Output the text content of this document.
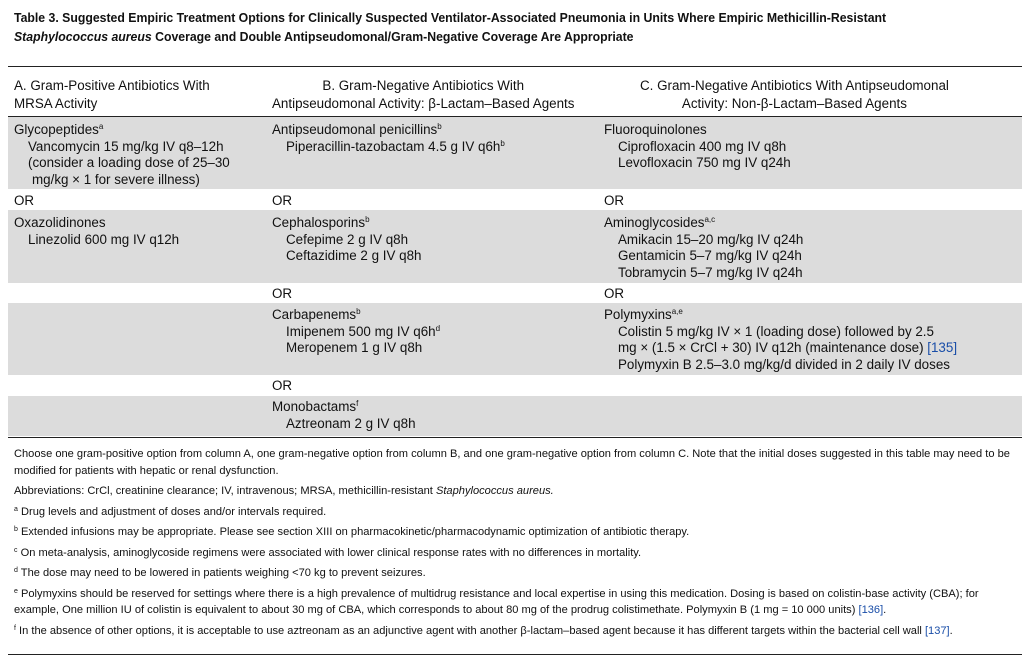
Table 3. Suggested Empiric Treatment Options for Clinically Suspected Ventilator-Associated Pneumonia in Units Where Empiric Methicillin-Resistant
Staphylococcus aureus Coverage and Double Antipseudomonal/Gram-Negative Coverage Are Appropriate
A. Gram-Positive Antibiotics With
MRSA Activity
B. Gram-Negative Antibiotics With
Antipseudomonal Activity: β-Lactam–Based Agents
C. Gram-Negative Antibiotics With Antipseudomonal
Activity: Non-β-Lactam–Based Agents
Glycopeptides$^a$
Vancomycin 15 mg/kg IV q8–12h
(consider a loading dose of 25–30
mg/kg × 1 for severe illness)
OR
Oxazolidinones
Linezolid 600 mg IV q12h
Antipseudomonal penicillins$^b$
Piperacillin-tazobactam 4.5 g IV $q6h^b$
OR
Cephalosporins$^b$
Cefepime 2 g IV q8h
Ceftazidime 2 g IV q8h
OR
Carbapenems$^b$
Imipenem 500 mg IV $q6h^d$
Meropenem 1 g IV q8h
OR
Monobactams$^f$
Aztreonam 2 g IV q8h
Fluoroquinolones
Ciprofloxacin 400 mg IV q8h
Levofloxacin 750 mg IV q24h
OR
Aminoglycosides$^{a,c}$
Amikacin 15–20 mg/kg IV q24h
Gentamicin 5–7 mg/kg IV q24h
Tobramycin 5–7 mg/kg IV q24h
OR
Polymyxins$^{a,e}$
Colistin 5 mg/kg IV × 1 (loading dose) followed by 2.5
mg × (1.5 × CrCl + 30) IV q12h (maintenance dose) [135]
Polymyxin B 2.5–3.0 mg/kg/d divided in 2 daily IV doses

Choose one gram-positive option from column A, one gram-negative option from column B, and one gram-negative option from column C. Note that the initial doses suggested in this table may need to be modified for patients with hepatic or renal dysfunction.

Abbreviations: CrCl, creatinine clearance; IV, intravenous; MRSA, methicillin-resistant Staphylococcus aureus.

$^a$ Drug levels and adjustment of doses and/or intervals required.

$^b$ Extended infusions may be appropriate. Please see section XIII on pharmacokinetic/pharmacodynamic optimization of antibiotic therapy.

$^c$ On meta-analysis, aminoglycoside regimens were associated with lower clinical response rates with no differences in mortality.

$^d$ The dose may need to be lowered in patients weighing <70 kg to prevent seizures.

$^e$ Polymyxins should be reserved for settings where there is a high prevalence of multidrug resistance and local expertise in using this medication. Dosing is based on colistin-base activity (CBA); for example, One million IU of colistin is equivalent to about 30 mg of CBA, which corresponds to about 80 mg of the prodrug colistimethate. Polymyxin B (1 mg = 10 000 units) [136].

$^f$ In the absence of other options, it is acceptable to use aztreonam as an adjunctive agent with another β-lactam–based agent because it has different targets within the bacterial cell wall [137].
